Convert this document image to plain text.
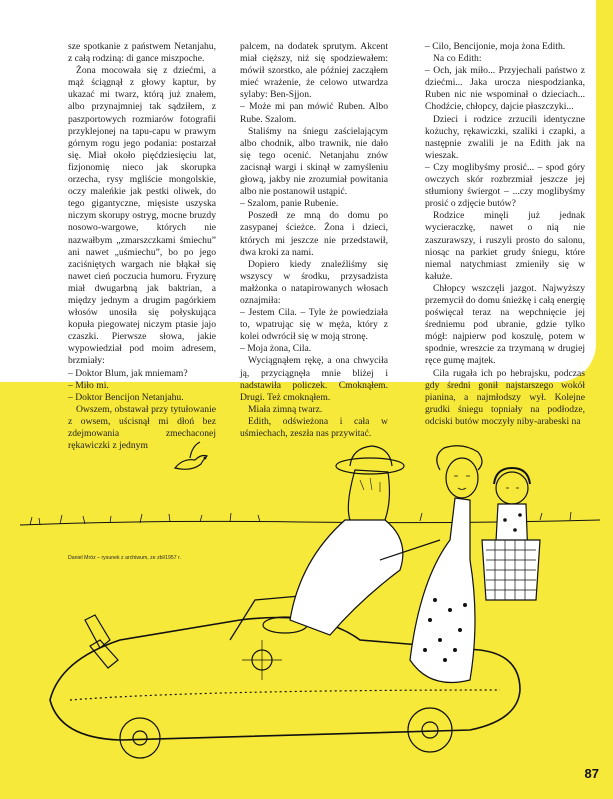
sze spotkanie z państwem Netanjahu, z całą rodziną: di gance miszpoche.

Żona mocowała się z dziećmi, a mąż ściągnął z głowy kaptur, by ukazać mi twarz, którą już znałem, albo przynajmniej tak sądziłem, z paszportowych rozmiarów fotografii przyklejonej na tapu-capu w prawym górnym rogu jego podania: postarzał się. Miał około pięćdziesięciu lat, fizjonomię nieco jak skorupka orzecha, rysy mgliście mongolskie, oczy maleńkie jak pestki oliwek, do tego gigantyczne, mięsiste uszyska niczym skorupy ostryg, mocne bruzdy nosowo-wargowe, których nie nazwałbym „zmarszczkami śmiechu” ani nawet „uśmiechu”, bo po jego zaciśniętych wargach nie błąkał się nawet cień poczucia humoru. Fryzurę miał dwugarbną jak baktrian, a między jednym a drugim pagórkiem włosów unosiła się połyskująca kopuła piegowatej niczym ptasie jajo czaszki. Pierwsze słowa, jakie wypowiedział pod moim adresem, brzmiały:

– Doktor Blum, jak mniemam?

– Miło mi.

– Doktor Bencijon Netanjahu.

Owszem, obstawał przy tytułowanie z owsem, uścisnął mi dłoń bez zdejmowania zmechaconej rękawiczki z jednym

palcem, na dodatek sprutym. Akcent miał cięższy, niż się spodziewałem: mówił szorstko, ale później zacząłem mieć wrażenie, że celowo utwardza sylaby: Ben-Sjjon.

– Może mi pan mówić Ruben. Albo Rube. Szalom.

Staliśmy na śniegu zaścielającym albo chodnik, albo trawnik, nie dało się tego ocenić. Netanjahu znów zacisnął wargi i skinął w zamyśleniu głową, jakby nie zrozumiał powitania albo nie postanowił ustąpić.

– Szalom, panie Rubenie.

Poszedł ze mną do domu po zasypanej ścieżce. Żona i dzieci, których mi jeszcze nie przedstawił, dwa kroki za nami.

Dopiero kiedy znaleźliśmy się wszyscy w środku, przysadzista małżonka o natapirowanych włosach oznajmiła:

– Jestem Cila. – Tyle że powiedziała to, wpatrując się w męża, który z kolei odwrócił się w moją stronę.

– Moja żona, Cila.

Wyciągnąłem rękę, a ona chwyciła ją, przyciągnęła mnie bliżej i nadstawiła policzek. Cmoknąłem. Drugi. Też cmoknąłem.

Miała zimną twarz.

Edith, odświeżona i cała w uśmiechach, zeszła nas przywitać.

– Cilo, Bencijonie, moja żona Edith.

Na co Edith:

– Och, jak miło... Przyjechali państwo z dziećmi... Jaka urocza niespodzianka, Ruben nic nie wspominał o dzieciach... Chodźcie, chłopcy, dajcie płaszczyki...

Dzieci i rodzice zrzucili identyczne kożuchy, rękawiczki, szaliki i czapki, a następnie zwalili je na Edith jak na wieszak.

– Czy moglibyśmy prosić... – spod góry owczych skór rozbrzmiał jeszcze jej stłumiony świergot – ...czy moglibyśmy prosić o zdjęcie butów?

Rodzice minęli już jednak wycieraczkę, nawet o nią nie zaszurawszy, i ruszyli prosto do salonu, niosąc na parkiet grudy śniegu, które niemal natychmiast zmieniły się w kałuże.

Chłopcy wszczęli jazgot. Najwyższy przemycił do domu śnieżkę i całą energię poświęcał teraz na wepchnięcie jej średniemu pod ubranie, gdzie tylko mógł: najpierw pod koszulę, potem w spodnie, wreszcie za trzymaną w drugiej ręce gumę majtek.

Cila rugała ich po hebrajsku, podczas gdy średni gonił najstarszego wokół pianina, a najmłodszy wył. Kolejne grudki śniegu topniały na podłodze, odciski butów moczyły niby-arabeski na

Daniel Mróz – rysunek z archiwum, ze zbl/1957 r.
87
